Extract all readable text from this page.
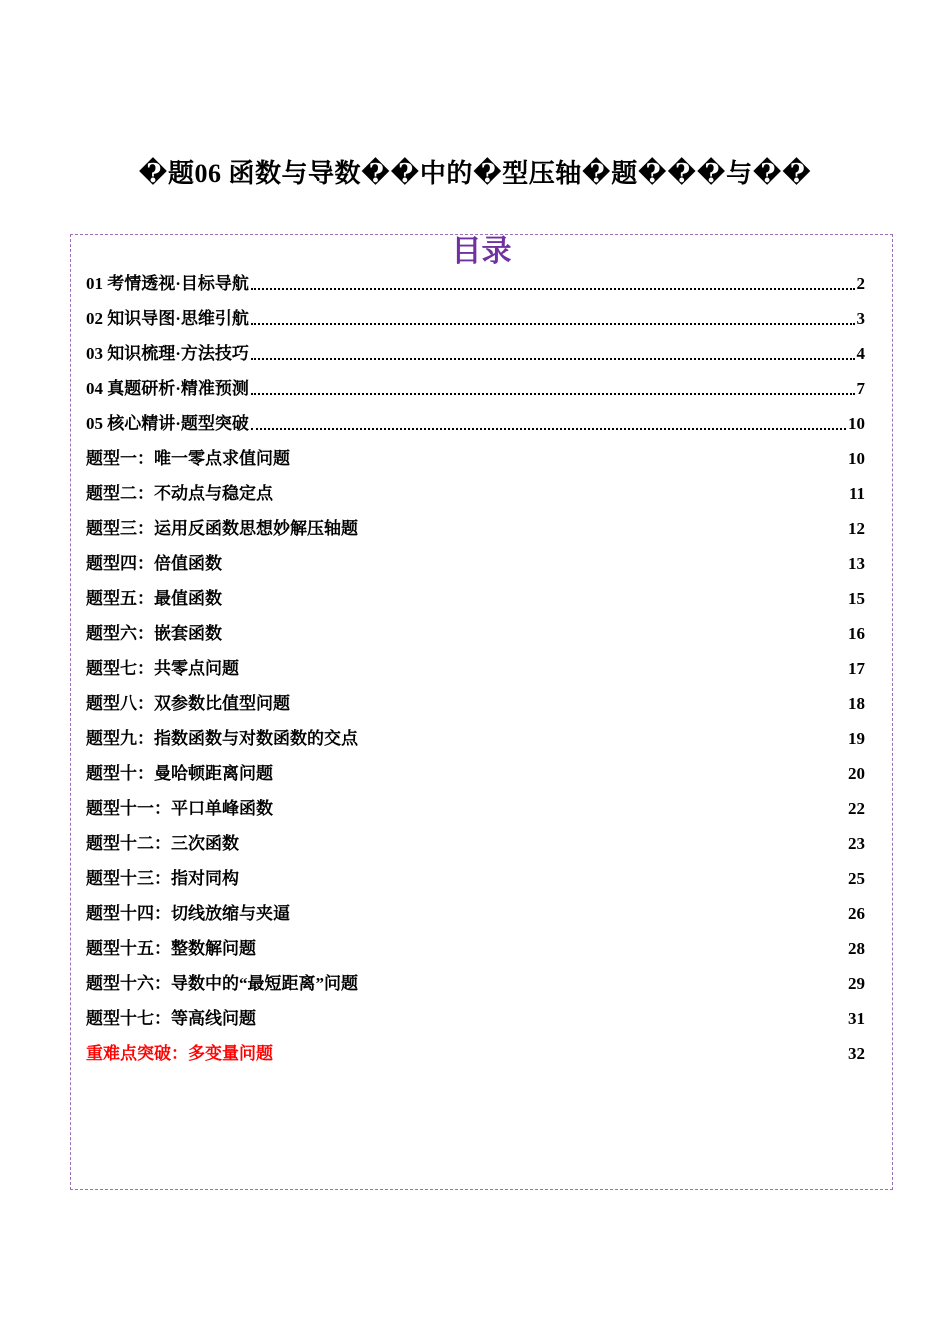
�题06 函数与导数��中的�型压轴�题���与��
目录
01 考情透视·目标导航	2
02 知识导图·思维引航	3
03 知识梳理·方法技巧	4
04 真题研析·精准预测	7
05 核心精讲·题型突破	10
题型一：唯一零点求值问题	10
题型二：不动点与稳定点	11
题型三：运用反函数思想妙解压轴题	12
题型四：倍值函数	13
题型五：最值函数	15
题型六：嵌套函数	16
题型七：共零点问题	17
题型八：双参数比值型问题	18
题型九：指数函数与对数函数的交点	19
题型十：曼哈顿距离问题	20
题型十一：平口单峰函数	22
题型十二：三次函数	23
题型十三：指对同构	25
题型十四：切线放缩与夹逼	26
题型十五：整数解问题	28
题型十六：导数中的“最短距离”问题	29
题型十七：等高线问题	31
重难点突破：多变量问题	32
